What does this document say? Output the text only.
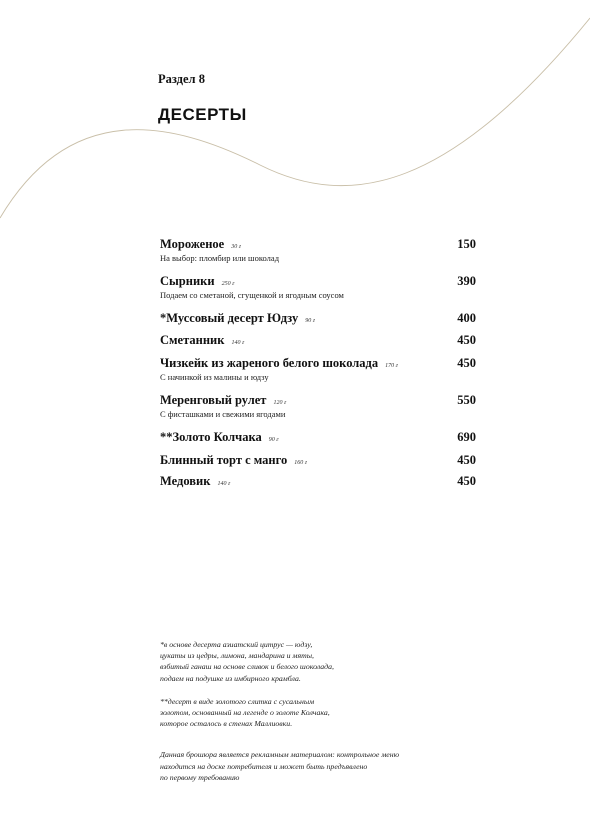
Раздел 8
ДЕСЕРТЫ
Мороженое 30 г
На выбор: пломбир или шоколад
150
Сырники 250 г
Подаем со сметаной, сгущенкой и ягодным соусом
390
*Муссовый десерт Юдзу 90 г	400
Сметанник 140 г	450
Чизкейк из жареного белого шоколада 170 г
С начинкой из малины и юдзу
450
Меренговый рулет 120 г
С фисташками и свежими ягодами
550
**Золото Колчака 90 г	690
Блинный торт с манго 160 г	450
Медовик 140 г	450
*в основе десерта азиатский цитрус — юдзу,
цукаты из цедры, лимона, мандарина и мяты,
взбитый ганаш на основе сливок и белого шоколада,
подаем на подушке из имбирного крамбла.
**десерт в виде золотого слитка с сусальным
золотом, основанный на легенде о золоте Колчака,
которое осталось в стенах Маллиовки.
Данная брошюра является рекламным материалом: контрольное меню
находится на доске потребителя и может быть предъявлено
по первому требованию
